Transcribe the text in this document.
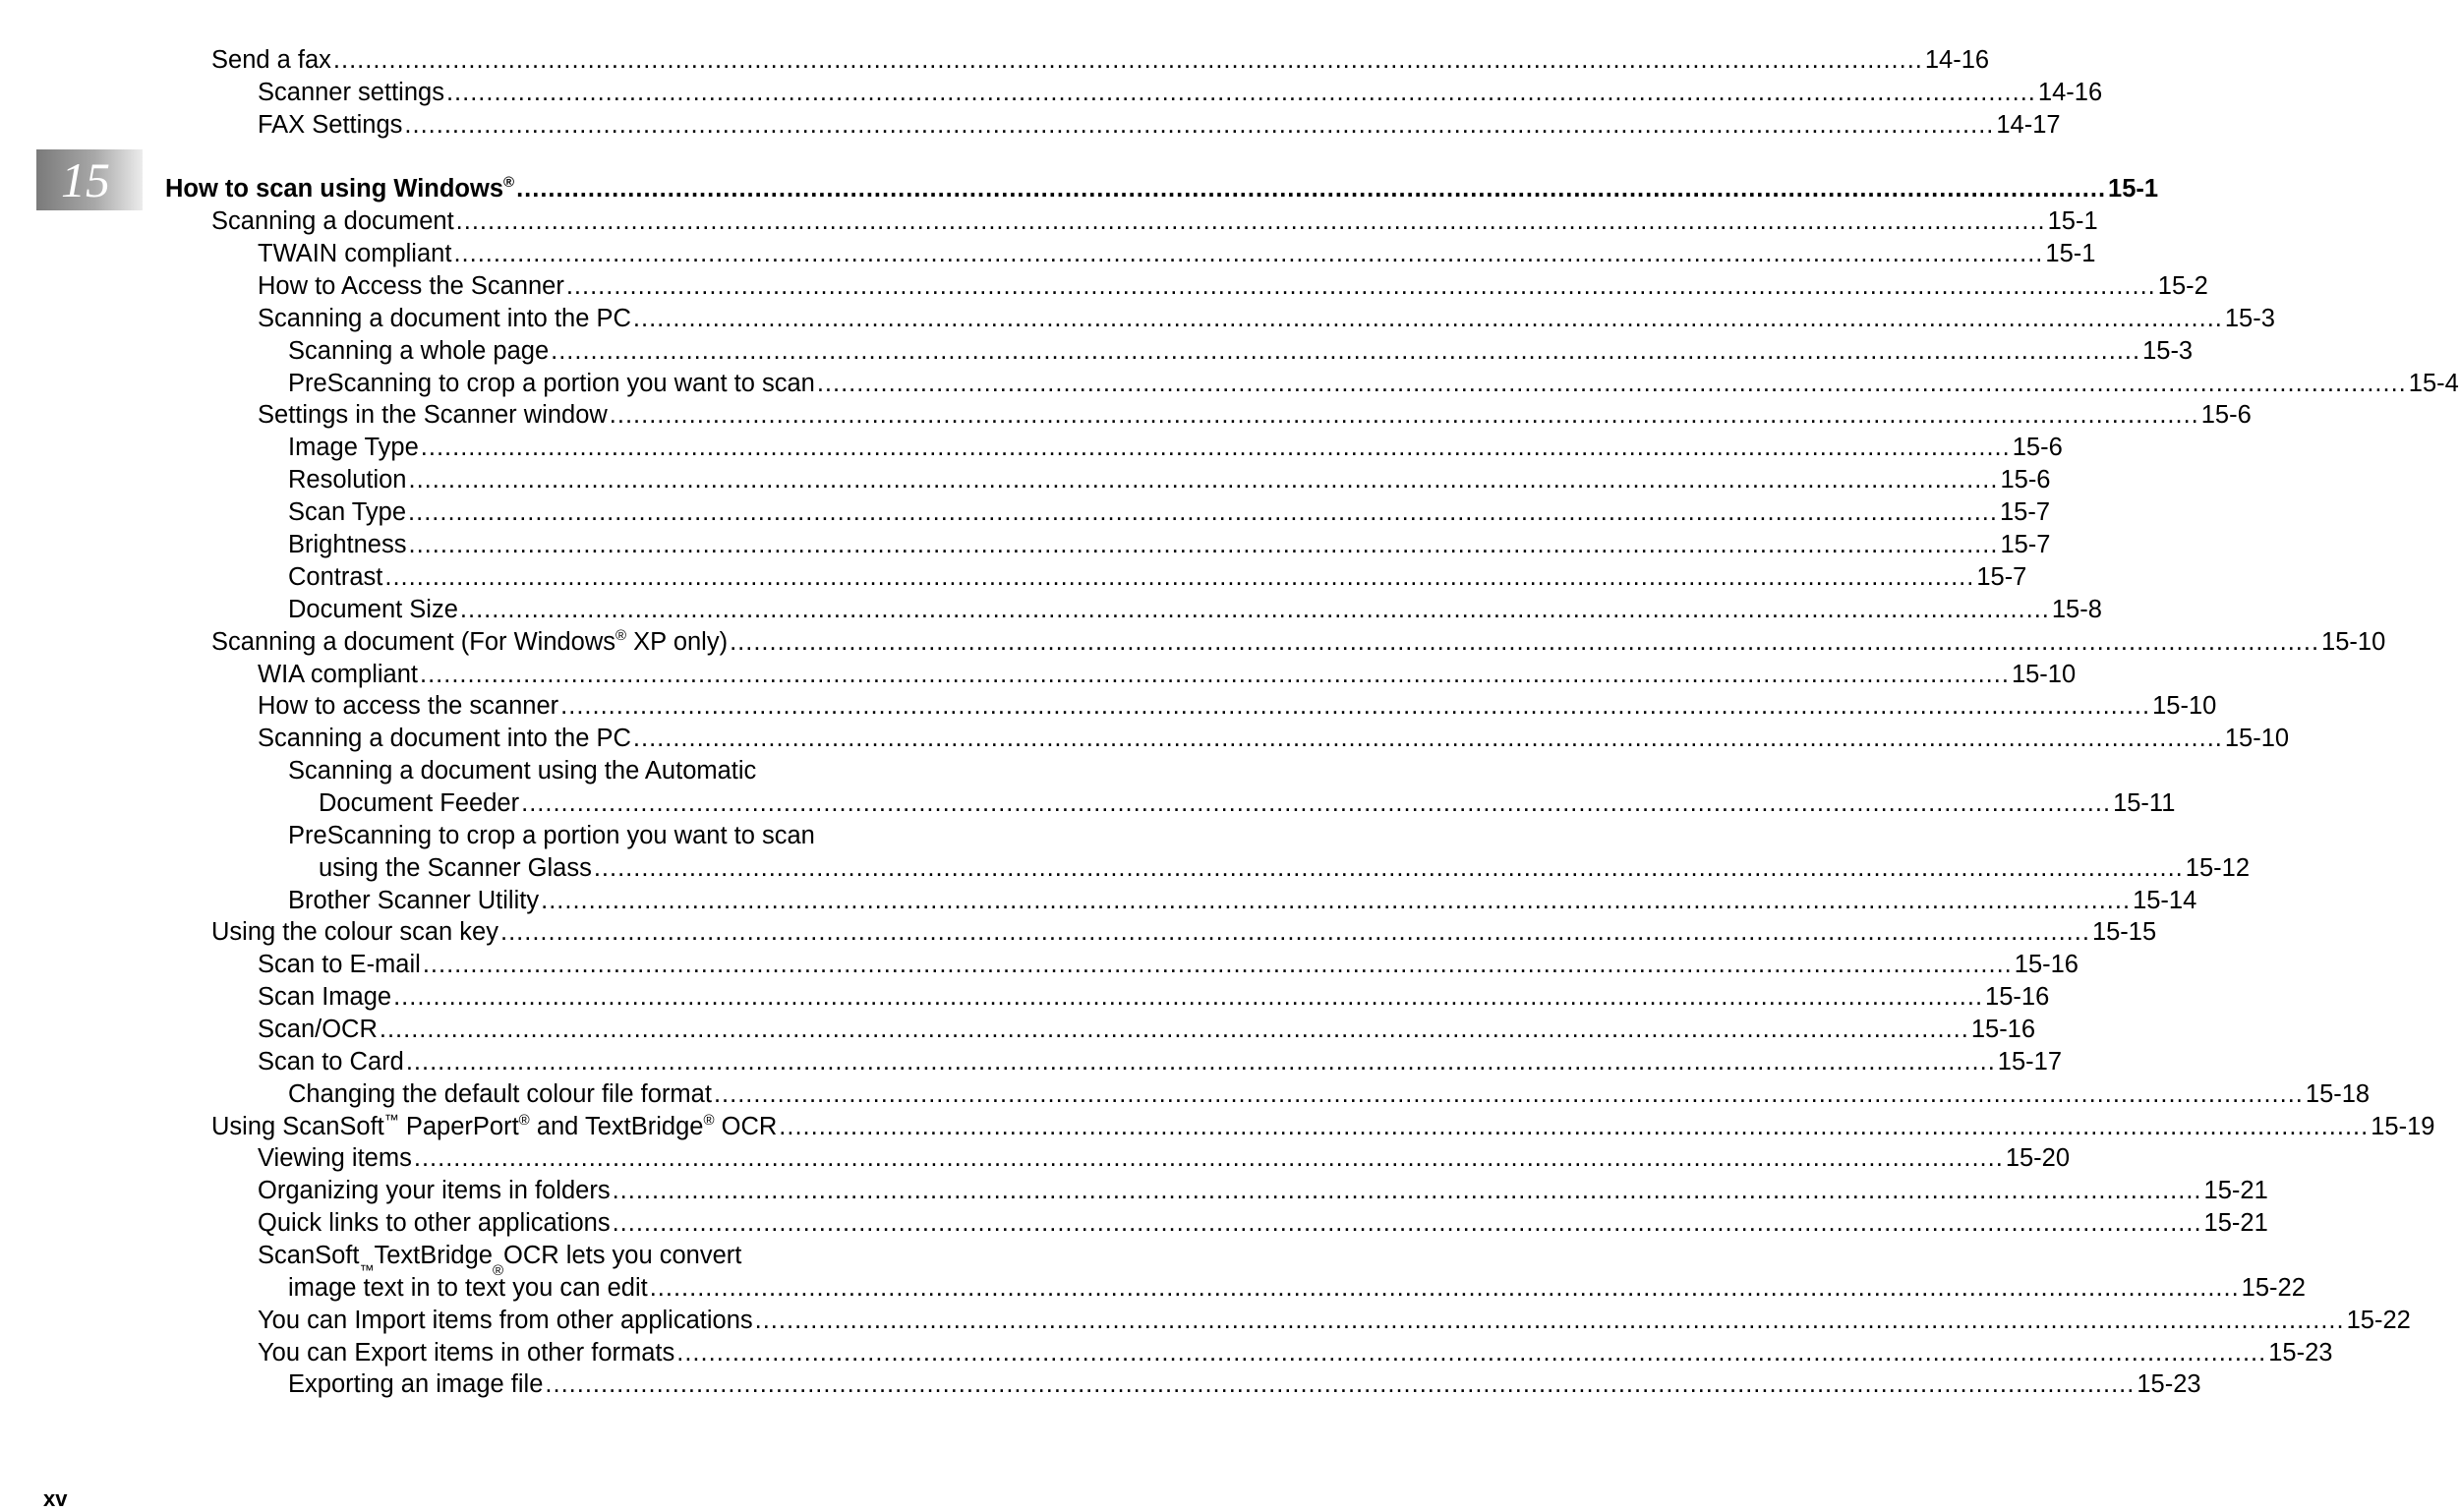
15
Send a fax ........................................................................................................................................................................................................ 14-16
Scanner settings ........................................................................................................................................................................................................ 14-16
FAX Settings ........................................................................................................................................................................................................ 14-17
How to scan using Windows® ........................................................................................................................................................................................................ 15-1
Scanning a document ........................................................................................................................................................................................................ 15-1
TWAIN compliant ........................................................................................................................................................................................................ 15-1
How to Access the Scanner ........................................................................................................................................................................................................ 15-2
Scanning a document into the PC ........................................................................................................................................................................................................ 15-3
Scanning a whole page ........................................................................................................................................................................................................ 15-3
PreScanning to crop a portion you want to scan ........................................................................................................................................................................................................ 15-4
Settings in the Scanner window ........................................................................................................................................................................................................ 15-6
Image Type ........................................................................................................................................................................................................ 15-6
Resolution ........................................................................................................................................................................................................ 15-6
Scan Type ........................................................................................................................................................................................................ 15-7
Brightness ........................................................................................................................................................................................................ 15-7
Contrast ........................................................................................................................................................................................................ 15-7
Document Size ........................................................................................................................................................................................................ 15-8
Scanning a document (For Windows® XP only) ........................................................................................................................................................................................................ 15-10
WIA compliant ........................................................................................................................................................................................................ 15-10
How to access the scanner ........................................................................................................................................................................................................ 15-10
Scanning a document into the PC ........................................................................................................................................................................................................ 15-10
Scanning a document using the Automatic
Document Feeder ........................................................................................................................................................................................................ 15-11
PreScanning to crop a portion you want to scan
using the Scanner Glass ........................................................................................................................................................................................................ 15-12
Brother Scanner Utility ........................................................................................................................................................................................................ 15-14
Using the colour scan key ........................................................................................................................................................................................................ 15-15
Scan to E-mail ........................................................................................................................................................................................................ 15-16
Scan Image ........................................................................................................................................................................................................ 15-16
Scan/OCR ........................................................................................................................................................................................................ 15-16
Scan to Card ........................................................................................................................................................................................................ 15-17
Changing the default colour file format ........................................................................................................................................................................................................ 15-18
Using ScanSoft™ PaperPort® and TextBridge® OCR ........................................................................................................................................................................................................ 15-19
Viewing items ........................................................................................................................................................................................................ 15-20
Organizing your items in folders ........................................................................................................................................................................................................ 15-21
Quick links to other applications ........................................................................................................................................................................................................ 15-21
ScanSoft
™
TextBridge
®
OCR lets you convert
image text in to text you can edit ........................................................................................................................................................................................................ 15-22
You can Import items from other applications ........................................................................................................................................................................................................ 15-22
You can Export items in other formats ........................................................................................................................................................................................................ 15-23
Exporting an image file ........................................................................................................................................................................................................ 15-23
xv
